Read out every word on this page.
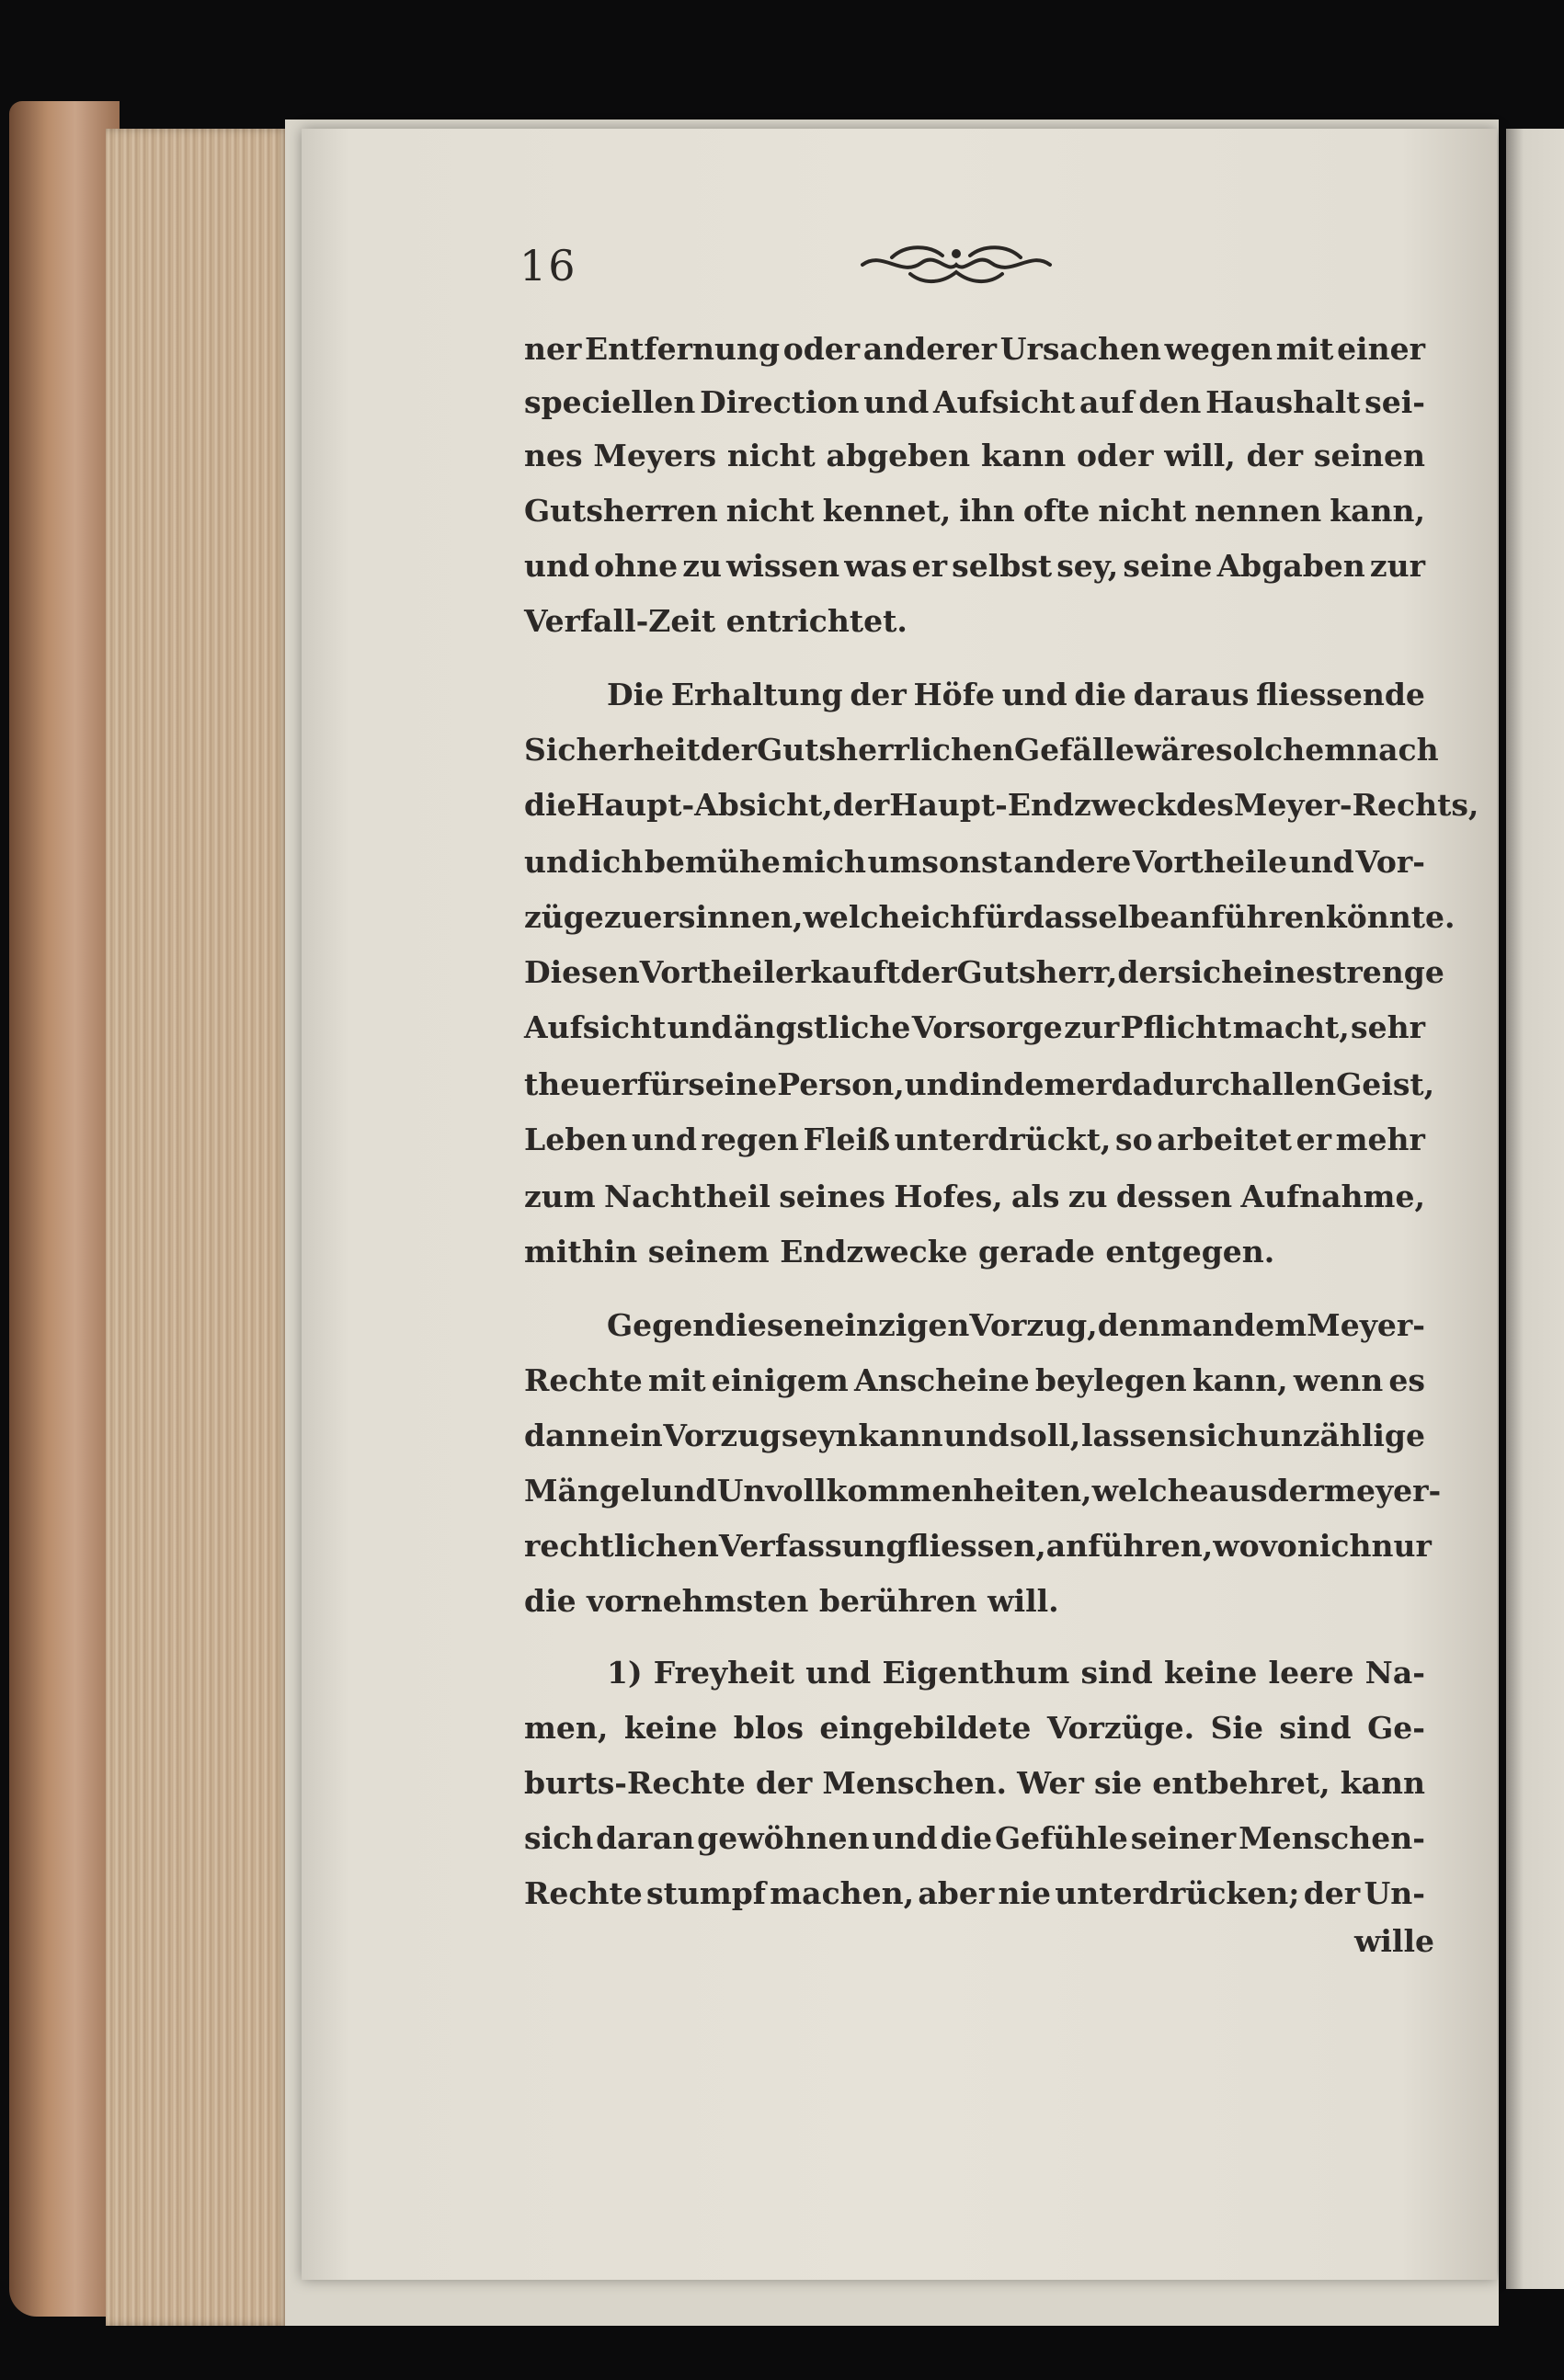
16
ner Entfernung oder anderer Ursachen wegen mit einer
speciellen Direction und Aufsicht auf den Haushalt sei-
nes Meyers nicht abgeben kann oder will, der seinen
Gutsherren nicht kennet, ihn ofte nicht nennen kann,
und ohne zu wissen was er selbst sey, seine Abgaben zur
Verfall-Zeit entrichtet.
Die Erhaltung der Höfe und die daraus fliessende
Sicherheit der Gutsherrlichen Gefälle wäre solchemnach
die Haupt-Absicht, der Haupt-Endzweck des Meyer-Rechts,
und ich bemühe mich umsonst andere Vortheile und Vor-
züge zu ersinnen, welche ich für dasselbe anführen könnte.
Diesen Vortheil erkauft der Gutsherr, der sich eine strenge
Aufsicht und ängstliche Vorsorge zur Pflicht macht, sehr
theuer für seine Person, und indem er dadurch allen Geist,
Leben und regen Fleiß unterdrückt, so arbeitet er mehr
zum Nachtheil seines Hofes, als zu dessen Aufnahme,
mithin seinem Endzwecke gerade entgegen.
Gegen diesen einzigen Vorzug, den man dem Meyer-
Rechte mit einigem Anscheine beylegen kann, wenn es
dann ein Vorzug seyn kann und soll, lassen sich unzählige
Mängel und Unvollkommenheiten, welche aus der meyer-
rechtlichen Verfassung fliessen, anführen, wovon ich nur
die vornehmsten berühren will.
1) Freyheit und Eigenthum sind keine leere Na-
men, keine blos eingebildete Vorzüge. Sie sind Ge-
burts-Rechte der Menschen. Wer sie entbehret, kann
sich daran gewöhnen und die Gefühle seiner Menschen-
Rechte stumpf machen, aber nie unterdrücken; der Un-
wille
